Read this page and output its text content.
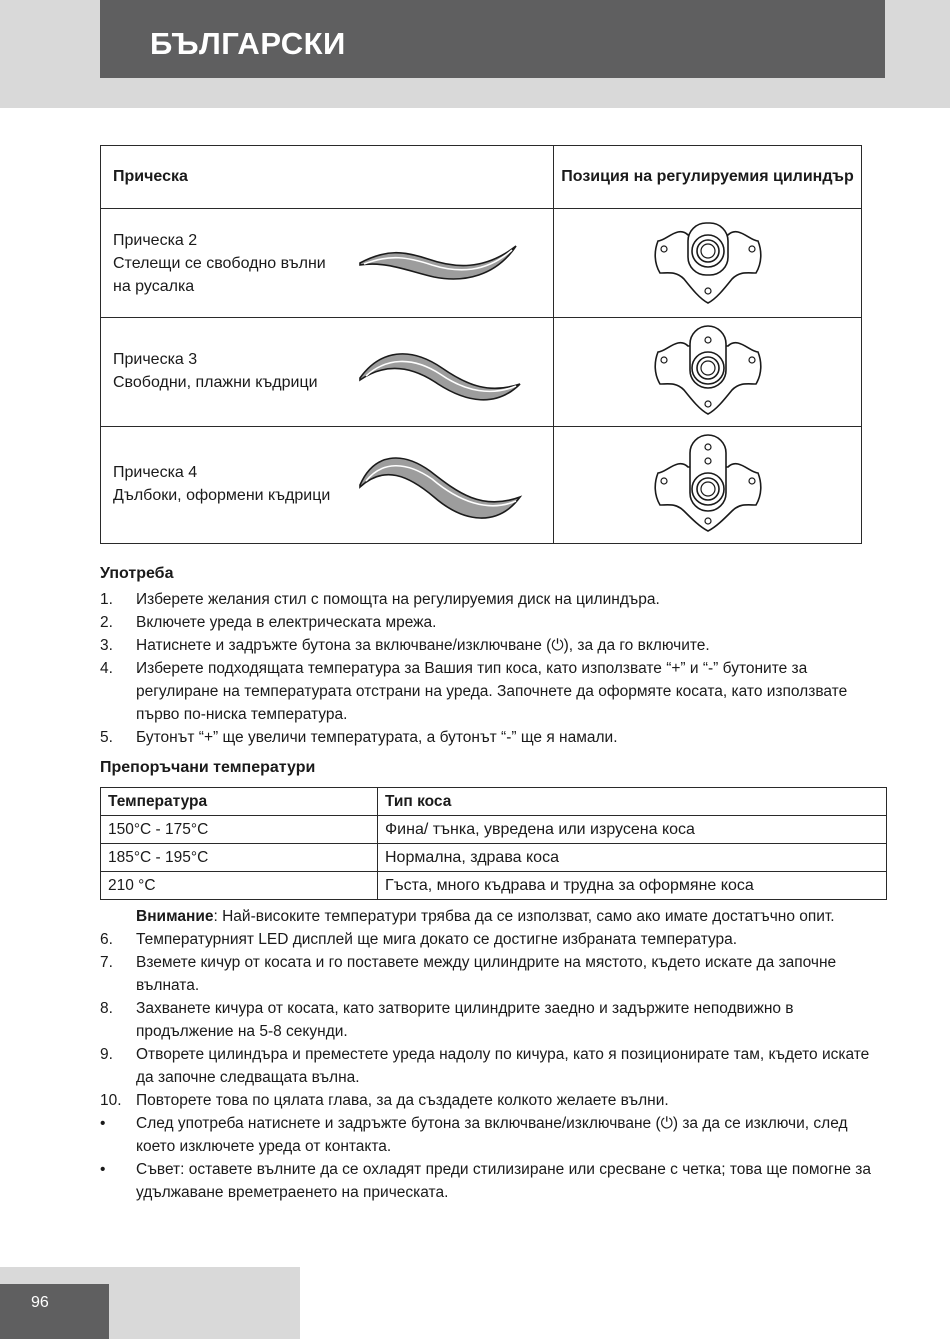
БЪЛГАРСКИ
Прическа	Позиция на регулируемия цилиндър

Прическа 2
Стелещи се свободно вълни
на русалка

Прическа 3
Свободни, плажни къдрици

Прическа 4
Дълбоки, оформени къдрици

Употреба
1. Изберете желания стил с помощта на регулируемия диск на цилиндъра.
2. Включете уреда в електрическата мрежа.
3. Натиснете и задръжте бутона за включване/изключване (⏻), за да го включите.
4. Изберете подходящата температура за Вашия тип коса, като използвате “+” и “-” бутоните за регулиране на температурата отстрани на уреда. Започнете да оформяте косата, като използвате първо по-ниска температура.
5. Бутонът “+” ще увеличи температурата, а бутонът “-” ще я намали.
Препоръчани температури
Температура	Тип коса
150°C - 175°C	Фина/ тънка, увредена или изрусена коса
185°C - 195°C	Нормална, здрава коса
210 °C	Гъста, много къдрава и трудна за оформяне коса
Внимание: Най-високите температури трябва да се използват, само ако имате достатъчно опит.
6. Температурният LED дисплей ще мига докато се достигне избраната температура.
7. Вземете кичур от косата и го поставете между цилиндрите на мястото, където искате да започне вълната.
8. Захванете кичура от косата, като затворите цилиндрите заедно и задържите неподвижно в продължение на 5-8 секунди.
9. Отворете цилиндъра и преместете уреда надолу по кичура, като я позиционирате там, където искате да започне следващата вълна.
10. Повторете това по цялата глава, за да създадете колкото желаете вълни.
• След употреба натиснете и задръжте бутона за включване/изключване (⏻) за да се изключи, след което изключете уреда от контакта.
• Съвет: оставете вълните да се охладят преди стилизиране или сресване с четка; това ще помогне за удължаване времетраенето на прическата.
96
